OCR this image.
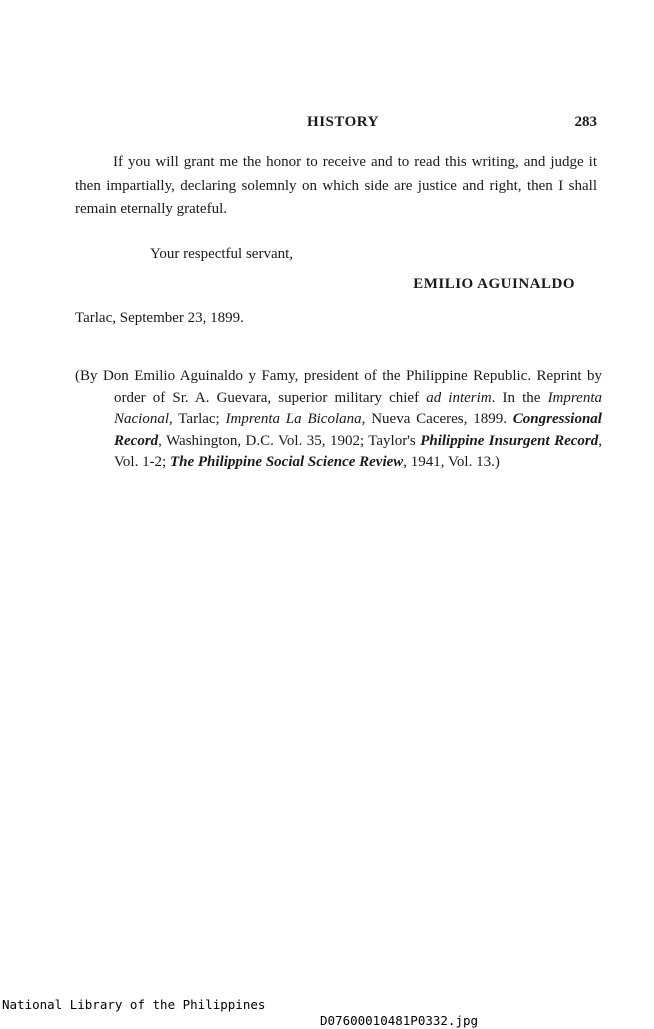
HISTORY	283

If you will grant me the honor to receive and to read this writing, and judge it then impartially, declaring solemnly on which side are justice and right, then I shall remain eternally grateful.

Your respectful servant,

EMILIO AGUINALDO

Tarlac, September 23, 1899.

(By Don Emilio Aguinaldo y Famy, president of the Philippine Republic. Reprint by order of Sr. A. Guevara, superior military chief ad interim. In the Imprenta Nacional, Tarlac; Imprenta La Bicolana, Nueva Caceres, 1899. Congressional Record, Washington, D.C. Vol. 35, 1902; Taylor's Philippine Insurgent Record, Vol. 1-2; The Philippine Social Science Review, 1941, Vol. 13.)

National Library of the Philippines

D07600010481P0332.jpg
